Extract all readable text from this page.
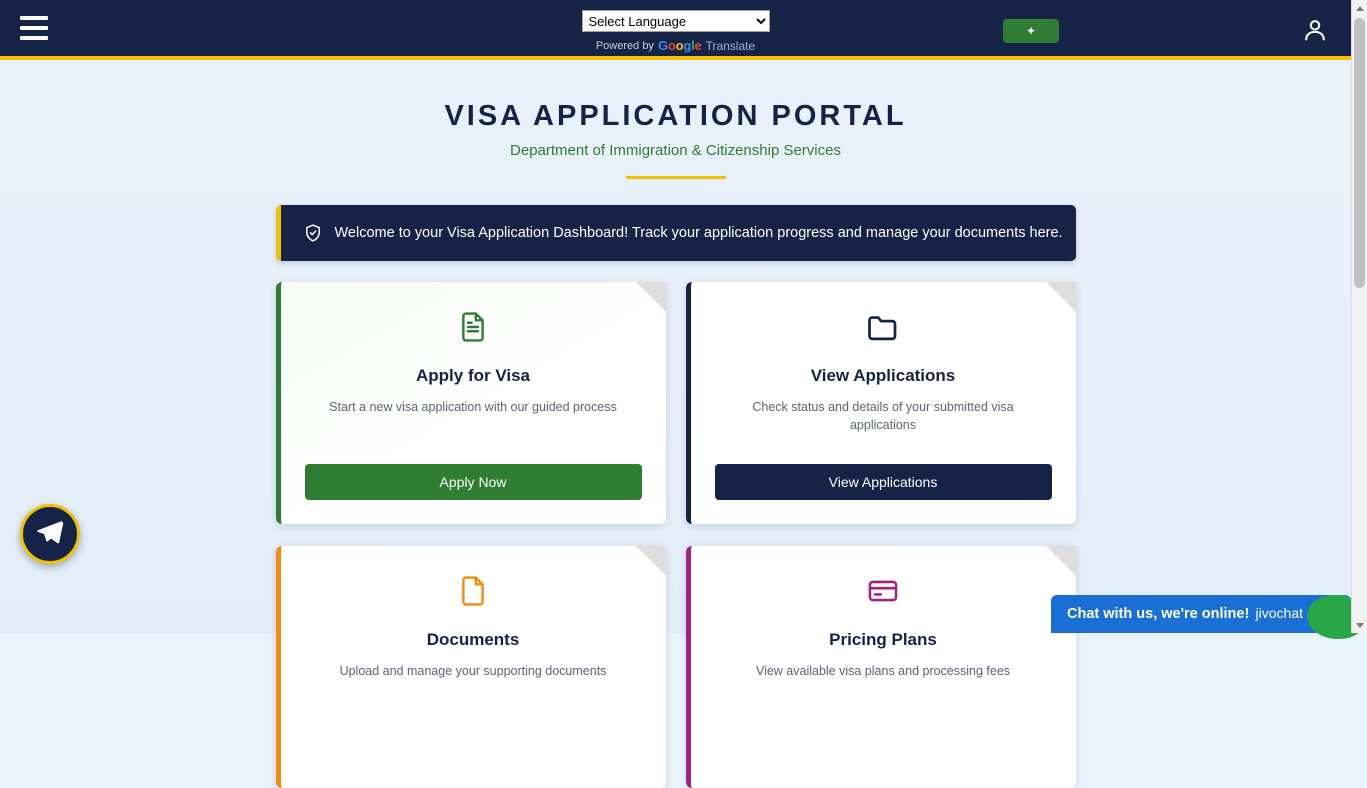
Select Language
Powered by Google Translate
✦
VISA APPLICATION PORTAL
Department of Immigration & Citizenship Services
Welcome to your Visa Application Dashboard! Track your application progress and manage your documents here.
Apply for Visa
Start a new visa application with our guided process
Apply Now
View Applications
Check status and details of your submitted visa applications
View Applications
Documents
Upload and manage your supporting documents
Pricing Plans
View available visa plans and processing fees
Chat with us, we're online! jivochat
